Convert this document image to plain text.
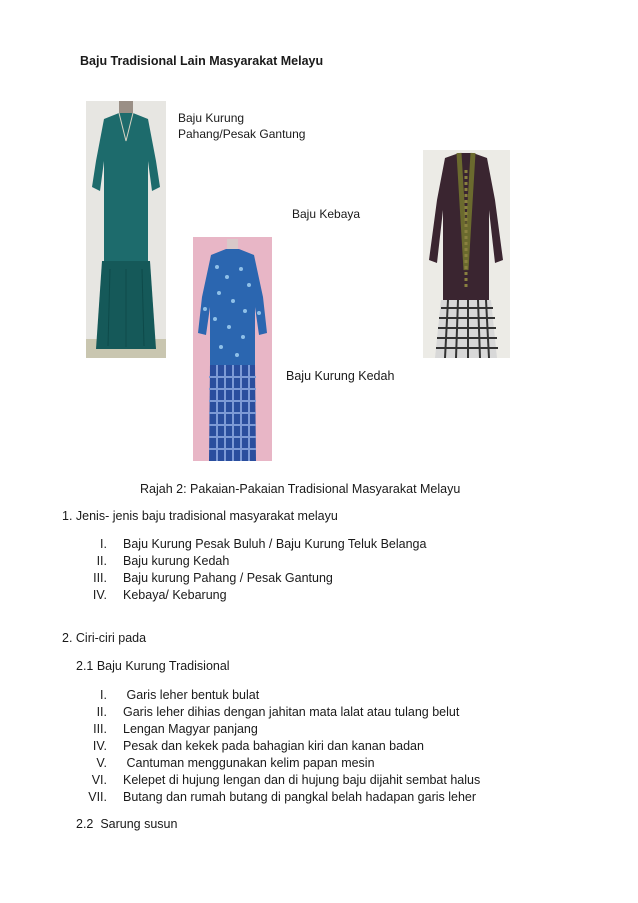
Baju Tradisional Lain Masyarakat Melayu
Baju Kurung
Pahang/Pesak Gantung
Baju Kebaya
Baju Kurung Kedah
Rajah 2: Pakaian-Pakaian Tradisional Masyarakat Melayu
1. Jenis- jenis baju tradisional masyarakat melayu
I. Baju Kurung Pesak Buluh / Baju Kurung Teluk Belanga
II. Baju kurung Kedah
III. Baju kurung Pahang / Pesak Gantung
IV. Kebaya/ Kebarung
2. Ciri-ciri pada
2.1 Baju Kurung Tradisional
I. Garis leher bentuk bulat
II. Garis leher dihias dengan jahitan mata lalat atau tulang belut
III. Lengan Magyar panjang
IV. Pesak dan kekek pada bahagian kiri dan kanan badan
V. Cantuman menggunakan kelim papan mesin
VI. Kelepet di hujung lengan dan di hujung baju dijahit sembat halus
VII. Butang dan rumah butang di pangkal belah hadapan garis leher
2.2  Sarung susun
